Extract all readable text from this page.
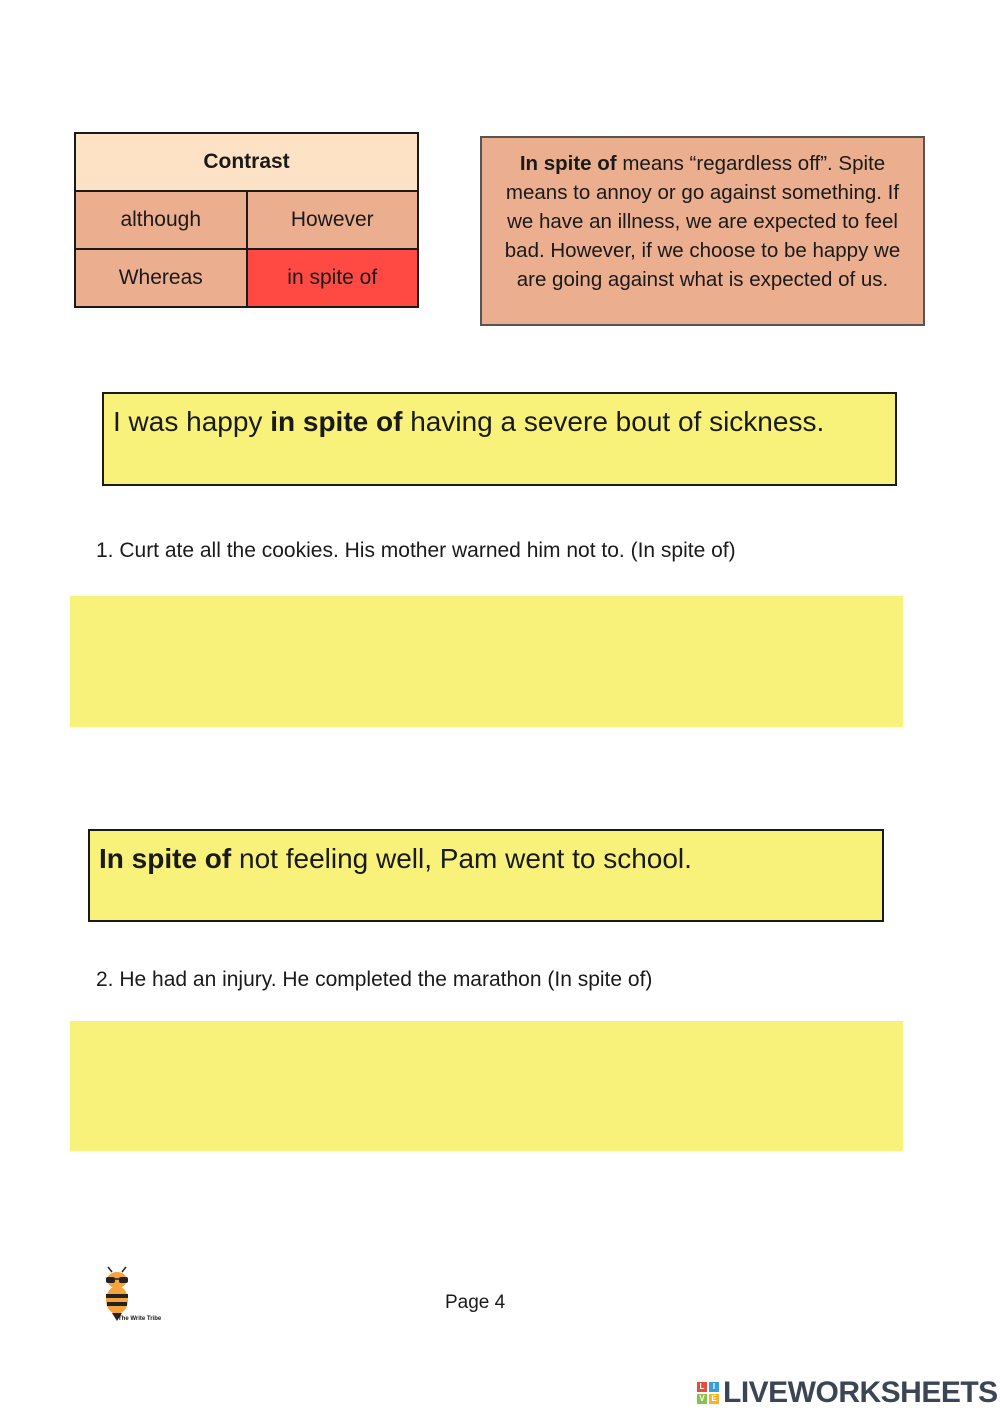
Contrast	
although	However
Whereas	in spite of
In spite of means “regardless off”. Spite means to annoy or go against something. If we have an illness, we are expected to feel bad. However, if we choose to be happy we are going against what is expected of us.
I was happy in spite of having a severe bout of sickness.
1. Curt ate all the cookies. His mother warned him not to. (In spite of)
In spite of not feeling well, Pam went to school.
2. He had an injury. He completed the marathon (In spite of)
The Write Tribe
Page 4
L	I
V E LIVEWORKSHEETS
